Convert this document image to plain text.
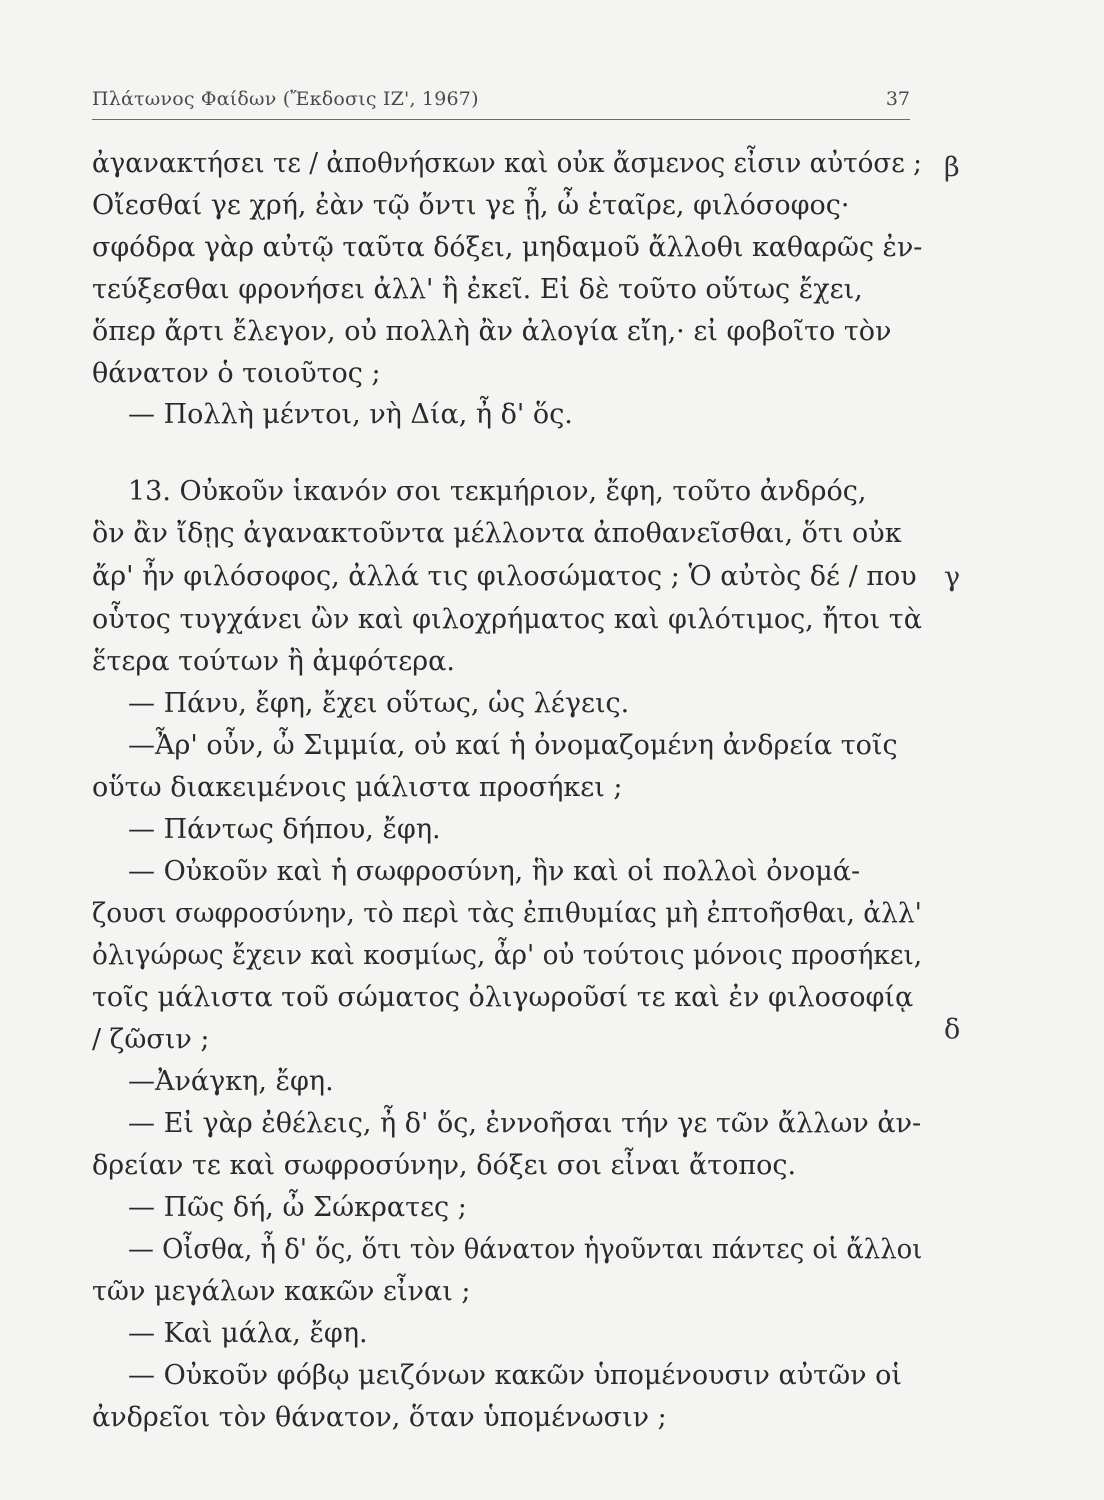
Πλάτωνος Φαίδων (Ἔκδοσις ΙΖ', 1967)	37
ἀγανακτήσει τε / ἀποθνήσκων καὶ οὐκ ἄσμενος εἶσιν αὐτόσε ;
Οἴεσθαί γε χρή, ἐὰν τῷ ὄντι γε ᾖ, ὦ ἑταῖρε, φιλόσοφος·
σφόδρα γὰρ αὐτῷ ταῦτα δόξει, μηδαμοῦ ἄλλοθι καθαρῶς ἐν-
τεύξεσθαι φρονήσει ἀλλ' ἢ ἐκεῖ. Εἰ δὲ τοῦτο οὕτως ἔχει,
ὅπερ ἄρτι ἔλεγον, οὐ πολλὴ ἂν ἀλογία εἴη,· εἰ φοβοῖτο τὸν
θάνατον ὁ τοιοῦτος ;
— Πολλὴ μέντοι, νὴ Δία, ἦ δ' ὅς.
13. Οὐκοῦν ἱκανόν σοι τεκμήριον, ἔφη, τοῦτο ἀνδρός,
ὃν ἂν ἴδῃς ἀγανακτοῦντα μέλλοντα ἀποθανεῖσθαι, ὅτι οὐκ
ἄρ' ἦν φιλόσοφος, ἀλλά τις φιλοσώματος ; Ὁ αὐτὸς δέ / που
οὗτος τυγχάνει ὢν καὶ φιλοχρήματος καὶ φιλότιμος, ἤτοι τὰ
ἕτερα τούτων ἢ ἀμφότερα.
— Πάνυ, ἔφη, ἔχει οὕτως, ὡς λέγεις.
—Ἆρ' οὖν, ὦ Σιμμία, οὐ καί ἡ ὀνομαζομένη ἀνδρεία τοῖς
οὕτω διακειμένοις μάλιστα προσήκει ;
— Πάντως δήπου, ἔφη.
— Οὐκοῦν καὶ ἡ σωφροσύνη, ἣν καὶ οἱ πολλοὶ ὀνομά-
ζουσι σωφροσύνην, τὸ περὶ τὰς ἐπιθυμίας μὴ ἐπτοῆσθαι, ἀλλ'
ὀλιγώρως ἔχειν καὶ κοσμίως, ἆρ' οὐ τούτοις μόνοις προσήκει,
τοῖς μάλιστα τοῦ σώματος ὀλιγωροῦσί τε καὶ ἐν φιλοσοφίᾳ
/ ζῶσιν ;
—Ἀνάγκη, ἔφη.
— Εἰ γὰρ ἐθέλεις, ἦ δ' ὅς, ἐννοῆσαι τήν γε τῶν ἄλλων ἀν-
δρείαν τε καὶ σωφροσύνην, δόξει σοι εἶναι ἄτοπος.
— Πῶς δή, ὦ Σώκρατες ;
— Οἶσθα, ἦ δ' ὅς, ὅτι τὸν θάνατον ἡγοῦνται πάντες οἱ ἄλλοι
τῶν μεγάλων κακῶν εἶναι ;
— Καὶ μάλα, ἔφη.
— Οὐκοῦν φόβῳ μειζόνων κακῶν ὑπομένουσιν αὐτῶν οἱ
ἀνδρεῖοι τὸν θάνατον, ὅταν ὑπομένωσιν ;
β
γ
δ
